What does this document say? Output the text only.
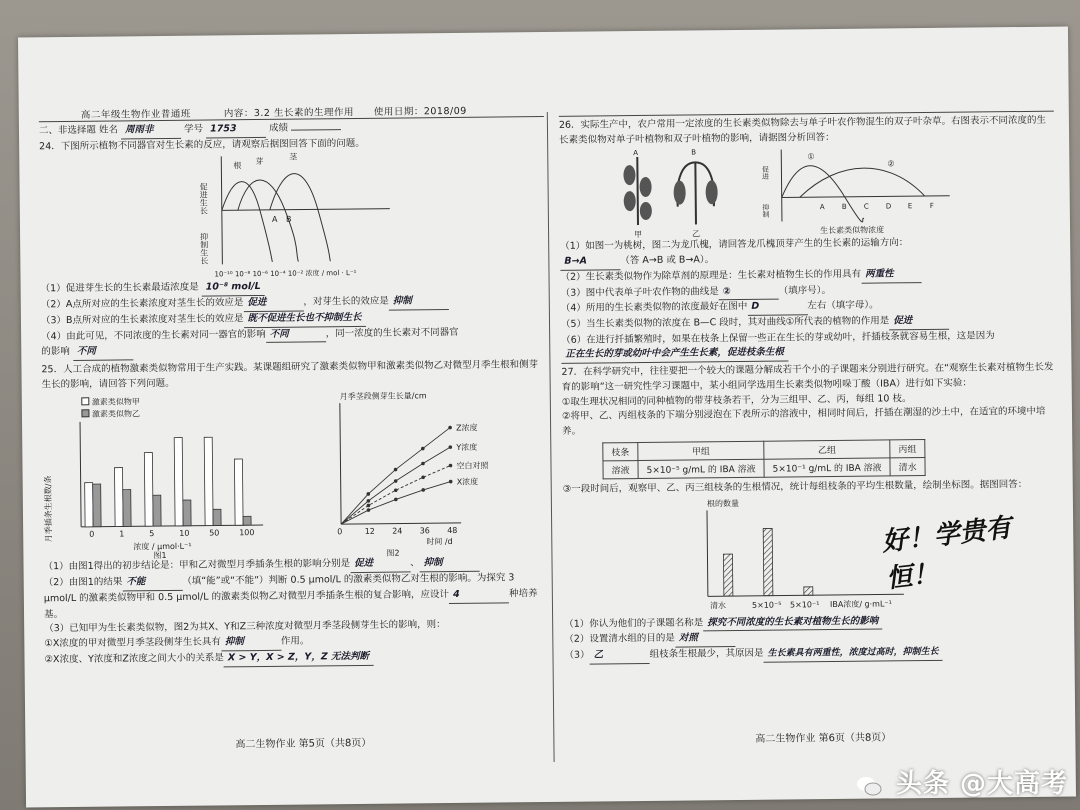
高二年级生物作业普通班	内容：3.2 生长素的生理作用 使用日期：2018/09
二、非选择题 姓名 周雨非	学号 1753	成绩
24．下图所示植物不同器官对生长素的反应，请观察后据图回答下面的问题。
促进生长
抑制生长
根 芽	茎
A B
10⁻¹⁰ 10⁻⁸ 10⁻⁶ 10⁻⁴ 10⁻² 浓度 / mol · L⁻¹
（1）促进芽生长的生长素最适浓度是 10⁻⁸ mol/L
（2）A点所对应的生长素浓度对茎生长的效应是 促进	，对芽生长的效应是 抑制
（3）B点所对应的生长素浓度对茎生长的效应是 既不促进生长也不抑制生长
（4）由此可见，不同浓度的生长素对同一器官的影响 不同	，同一浓度的生长素对不同器官
的影响 不同
25．人工合成的植物激素类似物常用于生产实践。某课题组研究了激素类似物甲和激素类似物乙对微型月季生根和侧芽生长的影响，请回答下列问题。
月季插条生根数/条
激素类似物甲
激素类似物乙
0	1	5	10 50 100
浓度 / μmol·L⁻¹
图1
月季茎段侧芽生长量/cm
Z浓度
Y浓度
空白对照
X浓度
0	12 24 36 48
时间 /d
图2
（1）由图1得出的初步结论是：甲和乙对微型月季插条生根的影响分别是 促进	、 抑制
（2）由图1的结果 不能	（填“能”或“不能”）判断 0.5 μmol/L 的激素类似物乙对生根的影响。为探究 3 μmol/L 的激素类似物甲和 0.5 μmol/L 的激素类似物乙对微型月季插条生根的复合影响，应设计 4	种培养基。
（3）已知甲为生长素类似物，图2为其X、Y和Z三种浓度对微型月季茎段侧芽生长的影响，则：
①X浓度的甲对微型月季茎段侧芽生长具有 抑制	作用。
②X浓度、Y浓度和Z浓度之间大小的关系是 X > Y，X > Z，Y，Z 无法判断
26．实际生产中，农户常用一定浓度的生长素类似物除去与单子叶农作物混生的双子叶杂草。右图表示不同浓度的生长素类似物对单子叶植物和双子叶植物的影响，请据图分析回答：
甲	乙
A	B
促进
抑制
①
②
A B C D E F
生长素类似物浓度
（1）如图一为桃树，图二为龙爪槐，请回答龙爪槐顶芽产生的生长素的运输方向：
B→A	（答 A→B 或 B→A）。
（2）生长素类似物作为除草剂的原理是：生长素对植物生长的作用具有 两重性
（3）图中代表单子叶农作物的曲线是 ②	（填序号）。
（4）所用的生长素类似物的浓度最好在图中 D	左右（填字母）。
（5）当生长素类似物的浓度在 B—C 段时，其对曲线①所代表的植物的作用是 促进
（6）在进行扦插繁殖时，如果在枝条上保留一些正在生长的芽或幼叶，扦插枝条就容易生根，这是因为正在生长的芽或幼叶中会产生生长素，促进枝条生根
27．在科学研究中，往往要把一个较大的课题分解成若干个小的子课题来分别进行研究。在“观察生长素对植物生长发育的影响”这一研究性学习课题中，某小组同学选用生长素类似物吲哚丁酸（IBA）进行如下实验：
①取生理状况相同的同种植物的带芽枝条若干，分为三组甲、乙、丙，每组 10 枝。
②将甲、乙、丙组枝条的下端分别浸泡在下表所示的溶液中，相同时间后，扦插在潮湿的沙土中，在适宜的环境中培养。
枝条	甲组	乙组	丙组
溶液	5×10⁻⁵ g/mL 的 IBA 溶液	5×10⁻¹ g/mL 的 IBA 溶液	清水
③一段时间后，观察甲、乙、丙三组枝条的生根情况，统计每组枝条的平均生根数量，绘制坐标图。据图回答：
根的数量
清水	5×10⁻⁵ 5×10⁻¹ IBA浓度/ g·mL⁻¹
好！学贵有恒！
（1）你认为他们的子课题名称是 探究不同浓度的生长素对植物生长的影响
（2）设置清水组的目的是 对照
（3） 乙	组枝条生根最少，其原因是 生长素具有两重性，浓度过高时，抑制生长
高二生物作业 第5页（共8页）	高二生物作业 第6页（共8页）
头条 @大高考
